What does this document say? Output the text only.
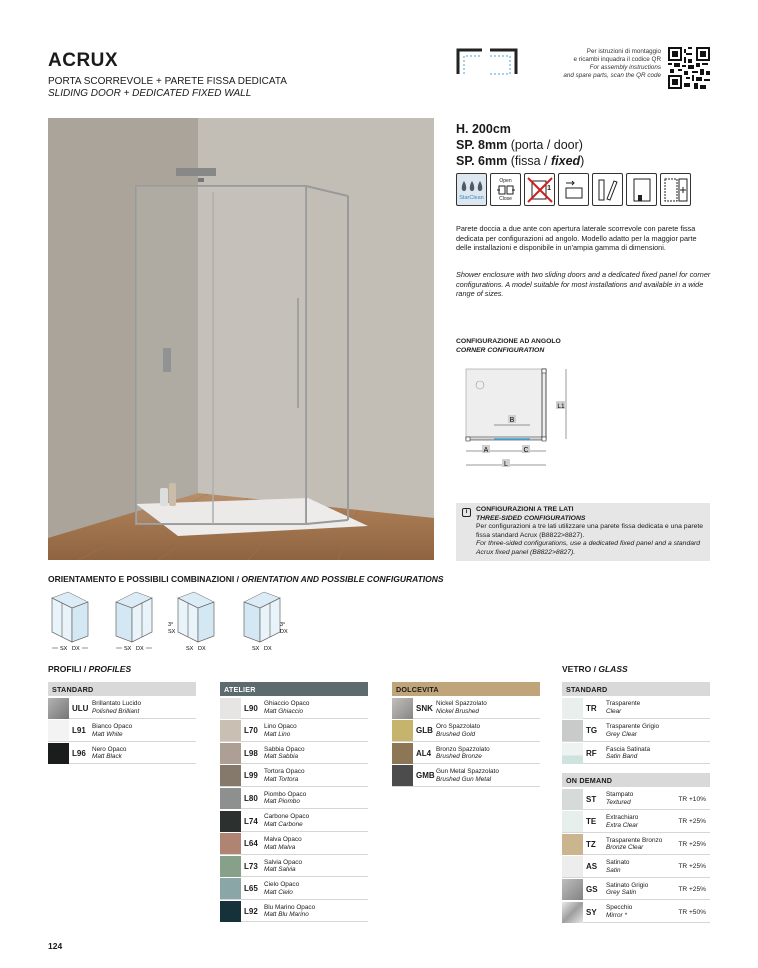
ACRUX
PORTA SCORREVOLE + PARETE FISSA DEDICATA
SLIDING DOOR + DEDICATED FIXED WALL
Per istruzioni di montaggio
e ricambi inquadra il codice QR
For assembly instructions
and spare parts, scan the QR code
H. 200cm
SP. 8mm (porta / door)
SP. 6mm (fissa / fixed)
StarClean
Open
Close
1
Parete doccia a due ante con apertura laterale scorrevole con parete fissa dedicata per configurazioni ad angolo. Modello adatto per la maggior parte delle installazioni e disponibile in un'ampia gamma di dimensioni.
Shower enclosure with two sliding doors and a dedicated fixed panel for corner configurations. A model suitable for most installations and available in a wide range of sizes.
CONFIGURAZIONE AD ANGOLO
CORNER CONFIGURATION
B
A	C
L
L1
i	CONFIGURAZIONI A TRE LATI
THREE-SIDED CONFIGURATIONS
Per configurazioni a tre lati utilizzare una parete fissa dedicata e una parete fissa standard Acrux (B8822>8827).
For three-sided configurations, use a dedicated fixed panel and a standard Acrux fixed panel (B8822>8827).
ORIENTAMENTO E POSSIBILI COMBINAZIONI / ORIENTATION AND POSSIBLE CONFIGURATIONS
SX DX	SX DX
3°
SX
SX DX
3°
DX
SX DX
PROFILI / PROFILES	VETRO / GLASS
STANDARD
ULU Brillantato Lucido
Polished Brilliant
L91 Bianco Opaco
Matt White
L96 Nero Opaco
Matt Black
ATELIER
L90 Ghiaccio Opaco
Matt Ghiaccio
L70 Lino Opaco
Matt Lino
L98 Sabbia Opaco
Matt Sabbia
L99 Tortora Opaco
Matt Tortora
L80 Piombo Opaco
Matt Piombo
L74 Carbone Opaco
Matt Carbone
L64 Malva Opaco
Matt Malva
L73 Salvia Opaco
Matt Salvia
L65 Cielo Opaco
Matt Cielo
L92 Blu Marino Opaco
Matt Blu Marino
DOLCEVITA
SNK Nickel Spazzolato
Nickel Brushed
GLB Oro Spazzolato
Brushed Gold
AL4 Bronzo Spazzolato
Brushed Bronze
GMB Gun Metal Spazzolato
Brushed Gun Metal
STANDARD
TR	Trasparente
Clear
TG	Trasparente Grigio
Grey Clear
RF	Fascia Satinata
Satin Band
ON DEMAND
ST	Stampato
Textured	TR +10%
TE	Extrachiaro
Extra Clear	TR +25%
TZ	Trasparente Bronzo
Bronze Clear	TR +25%
AS	Satinato
Satin	TR +25%
GS	Satinato Grigio
Grey Satin	TR +25%
SY	Specchio
Mirror *	TR +50%
124
